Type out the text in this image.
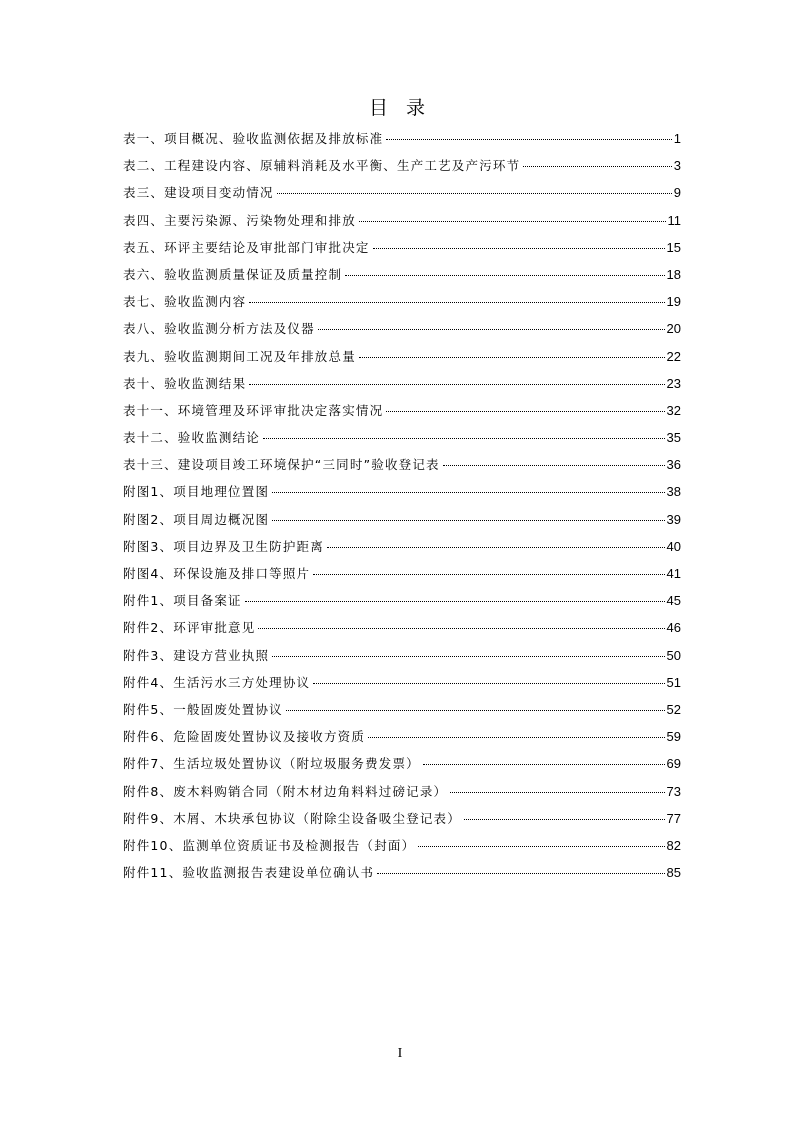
目 录
表一、项目概况、验收监测依据及排放标准	1
表二、工程建设内容、原辅料消耗及水平衡、生产工艺及产污环节	3
表三、建设项目变动情况	9
表四、主要污染源、污染物处理和排放	11
表五、环评主要结论及审批部门审批决定	15
表六、验收监测质量保证及质量控制	18
表七、验收监测内容	19
表八、验收监测分析方法及仪器	20
表九、验收监测期间工况及年排放总量	22
表十、验收监测结果	23
表十一、环境管理及环评审批决定落实情况	32
表十二、验收监测结论	35
表十三、建设项目竣工环境保护“三同时”验收登记表	36
附图1、项目地理位置图	38
附图2、项目周边概况图	39
附图3、项目边界及卫生防护距离	40
附图4、环保设施及排口等照片	41
附件1、项目备案证	45
附件2、环评审批意见	46
附件3、建设方营业执照	50
附件4、生活污水三方处理协议	51
附件5、一般固废处置协议	52
附件6、危险固废处置协议及接收方资质	59
附件7、生活垃圾处置协议（附垃圾服务费发票）	69
附件8、废木料购销合同（附木材边角料料过磅记录）	73
附件9、木屑、木块承包协议（附除尘设备吸尘登记表）	77
附件10、监测单位资质证书及检测报告（封面）	82
附件11、验收监测报告表建设单位确认书	85
I
